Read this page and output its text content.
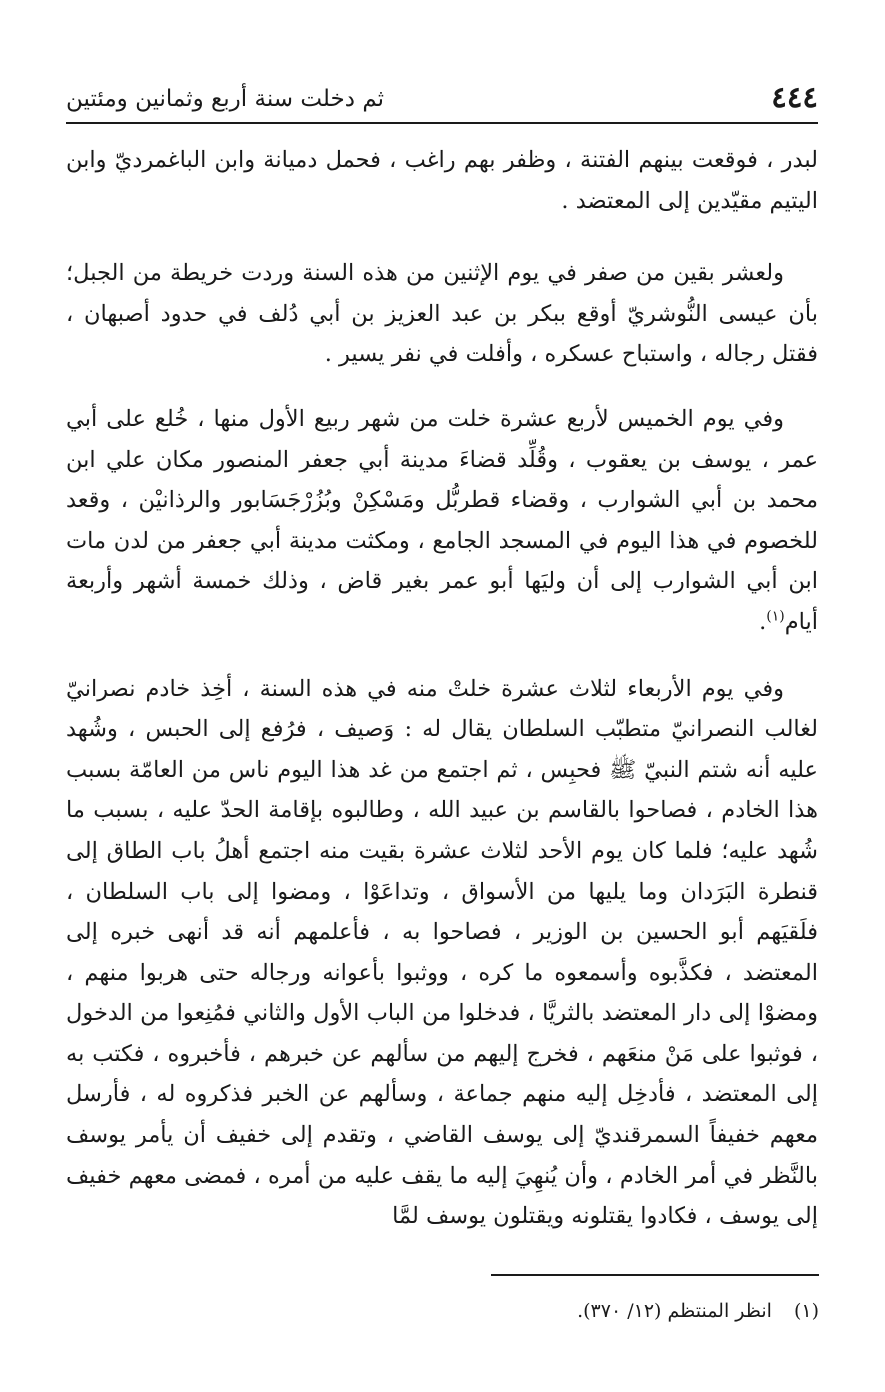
٤٤٤
ثم دخلت سنة أربع وثمانين ومئتين

لبدر ، فوقعت بينهم الفتنة ، وظفر بهم راغب ، فحمل دميانة وابن الباغمرديّ وابن اليتيم مقيّدين إلى المعتضد .

ولعشر بقين من صفر في يوم الإثنين من هذه السنة وردت خريطة من الجبل؛ بأن عيسى النُّوشريّ أوقع ببكر بن عبد العزيز بن أبي دُلف في حدود أصبهان ، فقتل رجاله ، واستباح عسكره ، وأفلت في نفر يسير .

وفي يوم الخميس لأربع عشرة خلت من شهر ربيع الأول منها ، خُلع على أبي عمر ، يوسف بن يعقوب ، وقُلِّد قضاءَ مدينة أبي جعفر المنصور مكان علي ابن محمد بن أبي الشوارب ، وقضاء قطربُّل ومَسْكِنْ وبُزُرْجَسَابور والرذانيْن ، وقعد للخصوم في هذا اليوم في المسجد الجامع ، ومكثت مدينة أبي جعفر من لدن مات ابن أبي الشوارب إلى أن وليَها أبو عمر بغير قاض ، وذلك خمسة أشهر وأربعة أيام$^{(١)}$.

وفي يوم الأربعاء لثلاث عشرة خلتْ منه في هذه السنة ، أخِذ خادم نصرانيّ لغالب النصرانيّ متطبّب السلطان يقال له : وَصيف ، فرُفع إلى الحبس ، وشُهد عليه أنه شتم النبيّ ﷺ فحبِس ، ثم اجتمع من غد هذا اليوم ناس من العامّة بسبب هذا الخادم ، فصاحوا بالقاسم بن عبيد الله ، وطالبوه بإقامة الحدّ عليه ، بسبب ما شُهد عليه؛ فلما كان يوم الأحد لثلاث عشرة بقيت منه اجتمع أهلُ باب الطاق إلى قنطرة البَرَدان وما يليها من الأسواق ، وتداعَوْا ، ومضوا إلى باب السلطان ، فلَقيَهم أبو الحسين بن الوزير ، فصاحوا به ، فأعلمهم أنه قد أنهى خبره إلى المعتضد ، فكذَّبوه وأسمعوه ما كره ، ووثبوا بأعوانه ورجاله حتى هربوا منهم ، ومضوْا إلى دار المعتضد بالثريَّا ، فدخلوا من الباب الأول والثاني فمُنِعوا من الدخول ، فوثبوا على مَنْ منعَهم ، فخرج إليهم من سألهم عن خبرهم ، فأخبروه ، فكتب به إلى المعتضد ، فأدخِل إليه منهم جماعة ، وسألهم عن الخبر فذكروه له ، فأرسل معهم خفيفاً السمرقنديّ إلى يوسف القاضي ، وتقدم إلى خفيف أن يأمر يوسف بالنَّظر في أمر الخادم ، وأن يُنهِيَ إليه ما يقف عليه من أمره ، فمضى معهم خفيف إلى يوسف ، فكادوا يقتلونه ويقتلون يوسف لمَّا

(١)انظر المنتظم (١٢/ ٣٧٠).
